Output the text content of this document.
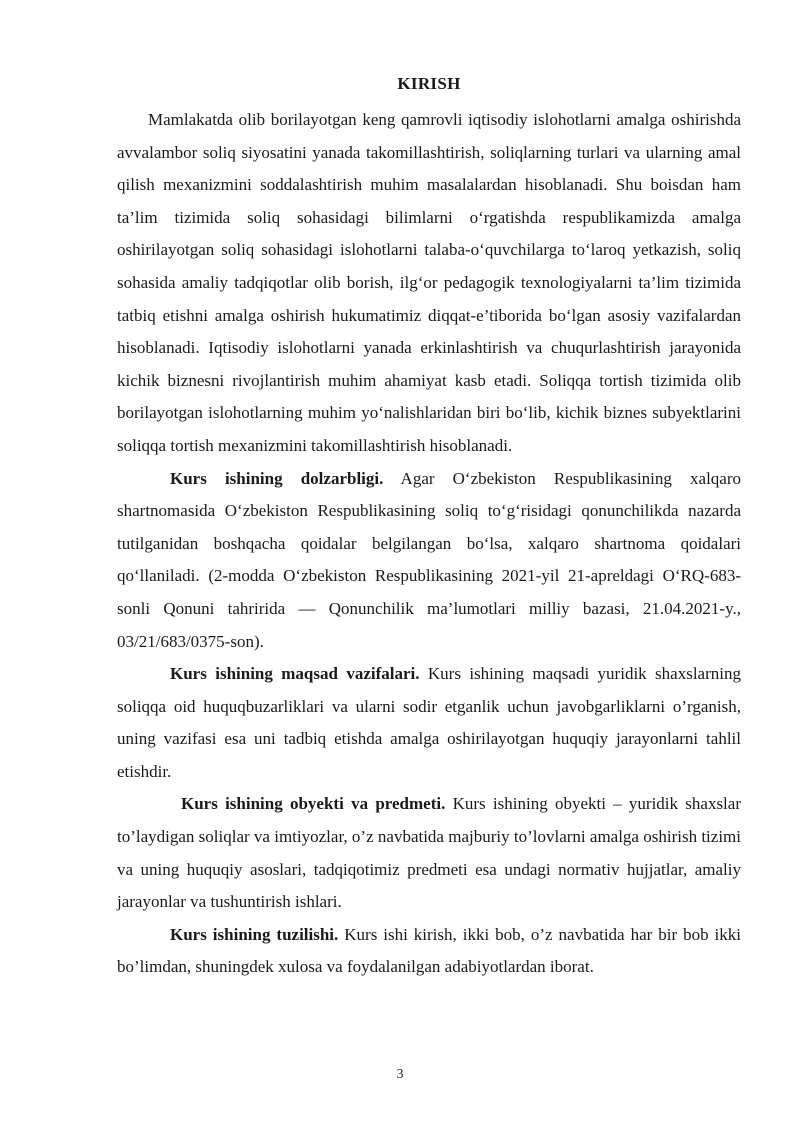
KIRISH

Mamlakatda olib borilayotgan keng qamrovli iqtisodiy islohotlarni amalga oshirishda avvalambor soliq siyosatini yanada takomillashtirish, soliqlarning turlari va ularning amal qilish mexanizmini soddalashtirish muhim masalalardan hisoblanadi. Shu boisdan ham ta’lim tizimida soliq sohasidagi bilimlarni o‘rgatishda respublikamizda amalga oshirilayotgan soliq sohasidagi islohotlarni talaba-o‘quvchilarga to‘laroq yetkazish, soliq sohasida amaliy tadqiqotlar olib borish, ilg‘or pedagogik texnologiyalarni ta’lim tizimida tatbiq etishni amalga oshirish hukumatimiz diqqat-e’tiborida bo‘lgan asosiy vazifalardan hisoblanadi. Iqtisodiy islohotlarni yanada erkinlashtirish va chuqurlashtirish jarayonida kichik biznesni rivojlantirish muhim ahamiyat kasb etadi. Soliqqa tortish tizimida olib borilayotgan islohotlarning muhim yo‘nalishlaridan biri bo‘lib, kichik biznes subyektlarini soliqqa tortish mexanizmini takomillashtirish hisoblanadi.

Kurs ishining dolzarbligi. Agar O‘zbekiston Respublikasining xalqaro shartnomasida O‘zbekiston Respublikasining soliq to‘g‘risidagi qonunchilikda nazarda tutilganidan boshqacha qoidalar belgilangan bo‘lsa, xalqaro shartnoma qoidalari qo‘llaniladi. (2-modda O‘zbekiston Respublikasining 2021-yil 21-apreldagi O‘RQ-683-sonli Qonuni tahririda — Qonunchilik ma’lumotlari milliy bazasi, 21.04.2021-y., 03/21/683/0375-son).

Kurs ishining maqsad vazifalari. Kurs ishining maqsadi yuridik shaxslarning soliqqa oid huquqbuzarliklari va ularni sodir etganlik uchun javobgarliklarni o’rganish, uning vazifasi esa uni tadbiq etishda amalga oshirilayotgan huquqiy jarayonlarni tahlil etishdir.

Kurs ishining obyekti va predmeti. Kurs ishining obyekti – yuridik shaxslar to’laydigan soliqlar va imtiyozlar, o’z navbatida majburiy to’lovlarni amalga oshirish tizimi va uning huquqiy asoslari, tadqiqotimiz predmeti esa undagi normativ hujjatlar, amaliy jarayonlar va tushuntirish ishlari.

Kurs ishining tuzilishi. Kurs ishi kirish, ikki bob, o’z navbatida har bir bob ikki bo’limdan, shuningdek xulosa va foydalanilgan adabiyotlardan iborat.

3
